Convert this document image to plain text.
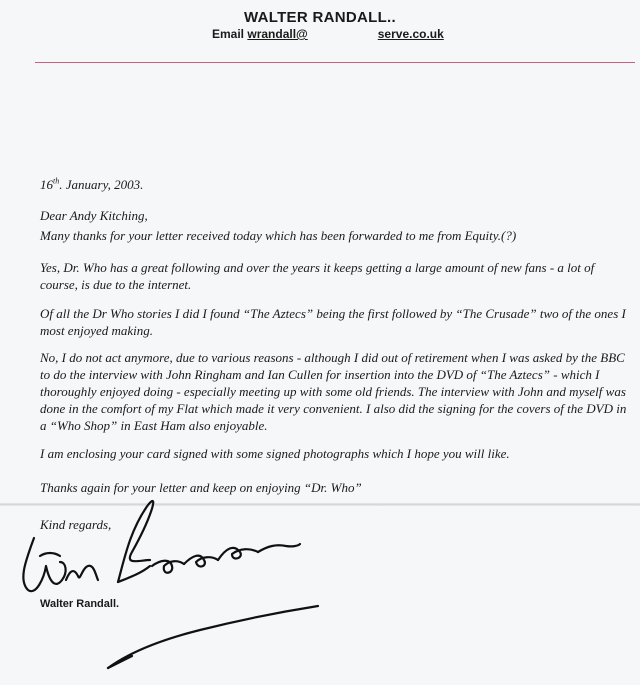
WALTER RANDALL..
Email wrandall@	serve.co.uk

16th. January, 2003.

Dear Andy Kitching,

Many thanks for your letter received today which has been forwarded to me from Equity.(?)

Yes, Dr. Who has a great following and over the years it keeps getting a large amount of new fans - a lot of course, is due to the internet.

Of all the Dr Who stories I did I found “The Aztecs” being the first followed by “The Crusade” two of the ones I most enjoyed making.

No, I do not act anymore, due to various reasons - although I did out of retirement when I was asked by the BBC to do the interview with John Ringham and Ian Cullen for insertion into the DVD of “The Aztecs” - which I thoroughly enjoyed doing - especially meeting up with some old friends. The interview with John and myself was done in the comfort of my Flat which made it very convenient. I also did the signing for the covers of the DVD in a “Who Shop” in East Ham also enjoyable.

I am enclosing your card signed with some signed photographs which I hope you will like.

Thanks again for your letter and keep on enjoying “Dr. Who”

Kind regards,

Walter Randall.
